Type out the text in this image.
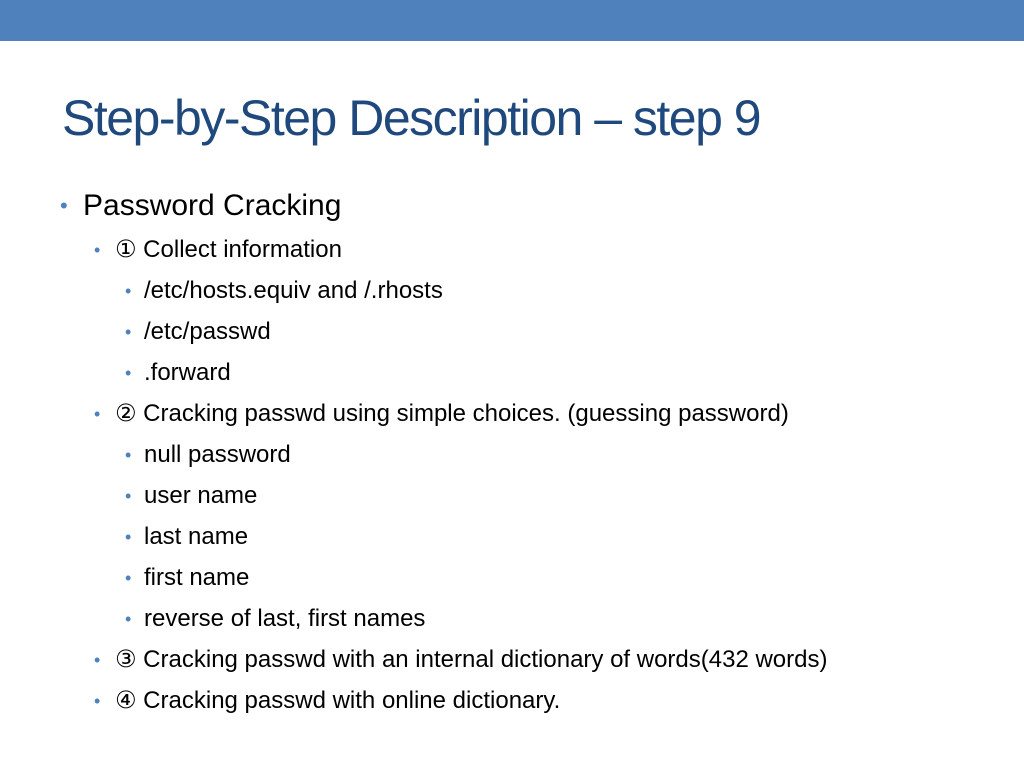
Step-by-Step Description – step 9
• Password Cracking
• ① Collect information
• /etc/hosts.equiv and /.rhosts
• /etc/passwd
• .forward
• ② Cracking passwd using simple choices. (guessing password)
• null password
• user name
• last name
• first name
• reverse of last, first names
• ③ Cracking passwd with an internal dictionary of words(432 words)
• ④ Cracking passwd with online dictionary.
